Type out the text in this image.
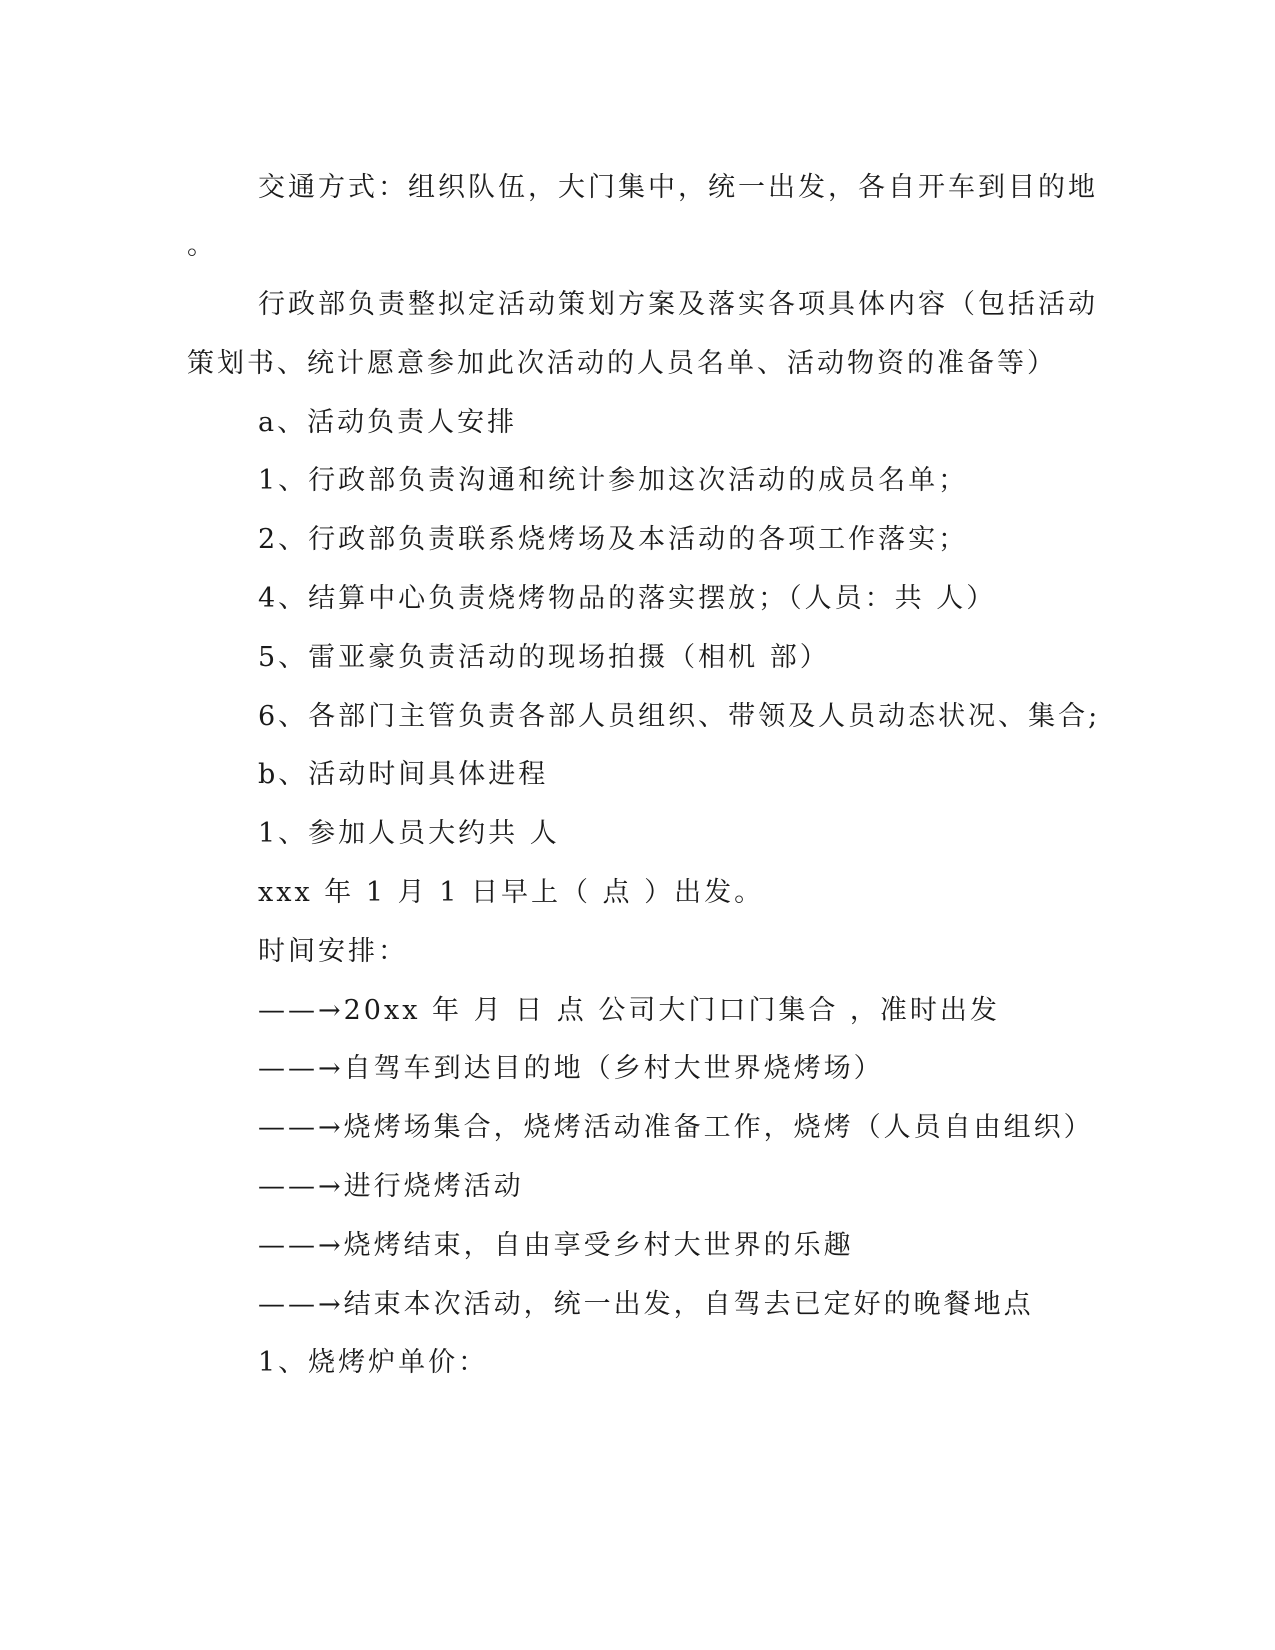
交通方式：组织队伍，大门集中，统一出发，各自开车到目的地
。
行政部负责整拟定活动策划方案及落实各项具体内容（包括活动
策划书、统计愿意参加此次活动的人员名单、活动物资的准备等）
a、活动负责人安排
1、行政部负责沟通和统计参加这次活动的成员名单；
2、行政部负责联系烧烤场及本活动的各项工作落实；
4、结算中心负责烧烤物品的落实摆放；（人员：共 人）
5、雷亚豪负责活动的现场拍摄（相机 部）
6、各部门主管负责各部人员组织、带领及人员动态状况、集合;
b、活动时间具体进程
1、参加人员大约共 人
xxx 年 1 月 1 日早上（ 点 ）出发。
时间安排：
——→20xx 年 月 日 点 公司大门口门集合 ，准时出发
——→自驾车到达目的地（乡村大世界烧烤场）
——→烧烤场集合，烧烤活动准备工作，烧烤（人员自由组织）
——→进行烧烤活动
——→烧烤结束，自由享受乡村大世界的乐趣
——→结束本次活动，统一出发，自驾去已定好的晚餐地点
1、烧烤炉单价：
